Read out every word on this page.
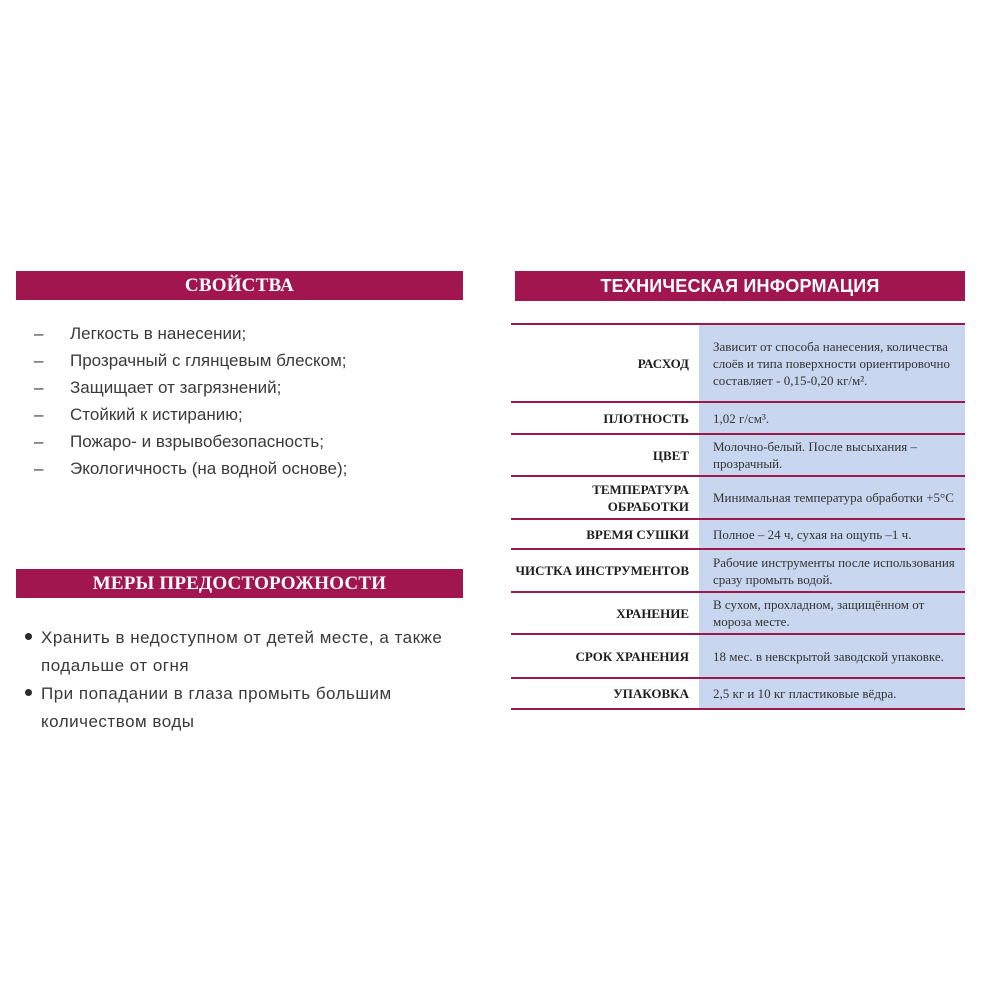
СВОЙСТВА
– Легкость в нанесении;
– Прозрачный с глянцевым блеском;
– Защищает от загрязнений;
– Стойкий к истиранию;
– Пожаро- и взрывобезопасность;
– Экологичность (на водной основе);
МЕРЫ ПРЕДОСТОРОЖНОСТИ
Хранить в недоступном от детей месте, а также подальше от огня
При попадании в глаза промыть большим количеством воды
ТЕХНИЧЕСКАЯ ИНФОРМАЦИЯ
РАСХОД	Зависит от способа нанесения, количества слоёв и типа поверхности ориентировочно составляет - 0,15-0,20 кг/м².
ПЛОТНОСТЬ	1,02 г/см³.
ЦВЕТ	Молочно-белый. После высыхания – прозрачный.
ТЕМПЕРАТУРА ОБРАБОТКИ	Минимальная температура обработки +5°C
ВРЕМЯ СУШКИ	Полное – 24 ч, сухая на ощупь –1 ч.
ЧИСТКА ИНСТРУМЕНТОВ	Рабочие инструменты после использования сразу промыть водой.
ХРАНЕНИЕ	В сухом, прохладном, защищённом от мороза месте.
СРОК ХРАНЕНИЯ	18 мес. в невскрытой заводской упаковке.
УПАКОВКА	2,5 кг и 10 кг пластиковые вёдра.
